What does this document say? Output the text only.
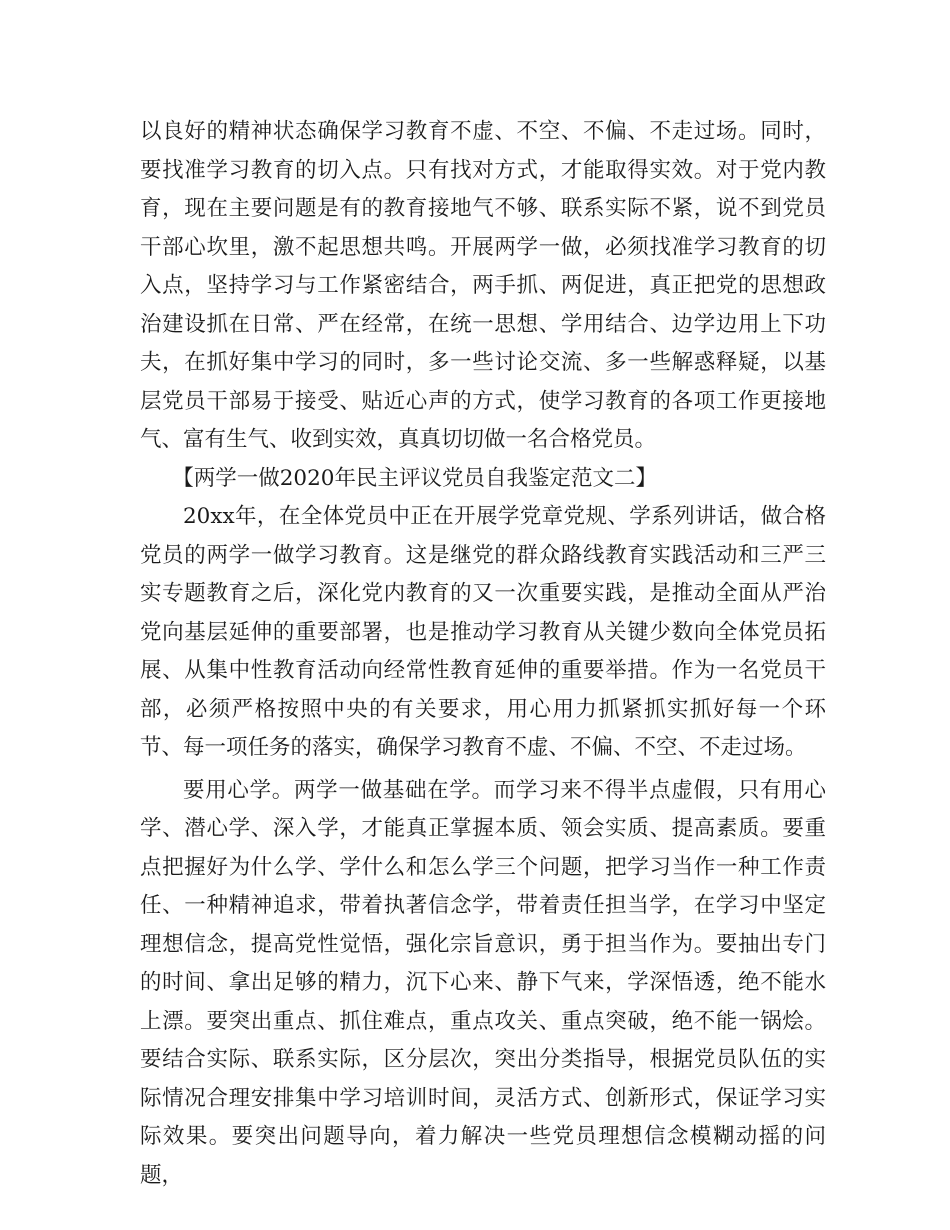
以良好的精神状态确保学习教育不虚、不空、不偏、不走过场。同时，要找准学习教育的切入点。只有找对方式，才能取得实效。对于党内教育，现在主要问题是有的教育接地气不够、联系实际不紧，说不到党员干部心坎里，激不起思想共鸣。开展两学一做，必须找准学习教育的切入点，坚持学习与工作紧密结合，两手抓、两促进，真正把党的思想政治建设抓在日常、严在经常，在统一思想、学用结合、边学边用上下功夫，在抓好集中学习的同时，多一些讨论交流、多一些解惑释疑，以基层党员干部易于接受、贴近心声的方式，使学习教育的各项工作更接地气、富有生气、收到实效，真真切切做一名合格党员。

【两学一做2020年民主评议党员自我鉴定范文二】

20xx年，在全体党员中正在开展学党章党规、学系列讲话，做合格党员的两学一做学习教育。这是继党的群众路线教育实践活动和三严三实专题教育之后，深化党内教育的又一次重要实践，是推动全面从严治党向基层延伸的重要部署，也是推动学习教育从关键少数向全体党员拓展、从集中性教育活动向经常性教育延伸的重要举措。作为一名党员干部，必须严格按照中央的有关要求，用心用力抓紧抓实抓好每一个环节、每一项任务的落实，确保学习教育不虚、不偏、不空、不走过场。

要用心学。两学一做基础在学。而学习来不得半点虚假，只有用心学、潜心学、深入学，才能真正掌握本质、领会实质、提高素质。要重点把握好为什么学、学什么和怎么学三个问题，把学习当作一种工作责任、一种精神追求，带着执著信念学，带着责任担当学，在学习中坚定理想信念，提高党性觉悟，强化宗旨意识，勇于担当作为。要抽出专门的时间、拿出足够的精力，沉下心来、静下气来，学深悟透，绝不能水上漂。要突出重点、抓住难点，重点攻关、重点突破，绝不能一锅烩。要结合实际、联系实际，区分层次，突出分类指导，根据党员队伍的实际情况合理安排集中学习培训时间，灵活方式、创新形式，保证学习实际效果。要突出问题导向，着力解决一些党员理想信念模糊动摇的问题，
